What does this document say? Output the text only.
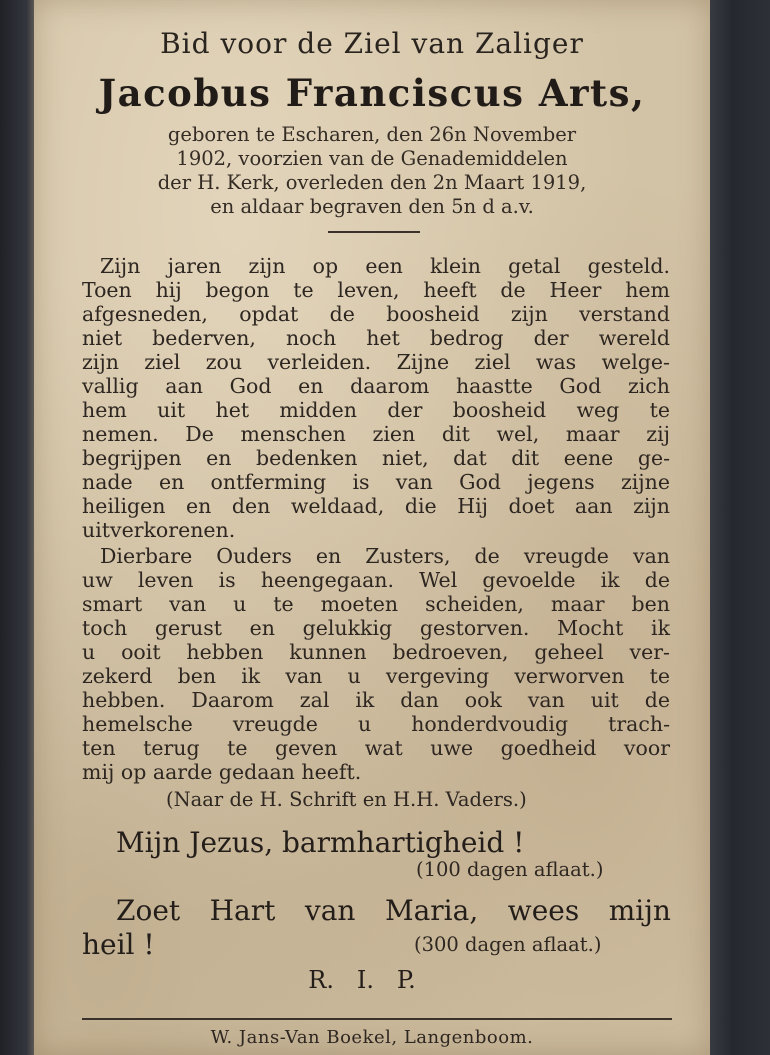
Bid voor de Ziel van Zaliger

Jacobus Franciscus Arts,

geboren te Escharen, den 26n November

1902, voorzien van de Genademiddelen

der H. Kerk, overleden den 2n Maart 1919,

en aldaar begraven den 5n d a.v.

Zijn jaren zijn op een klein getal gesteld.

Toen hij begon te leven, heeft de Heer hem

afgesneden, opdat de boosheid zijn verstand

niet bederven, noch het bedrog der wereld

zijn ziel zou verleiden. Zijne ziel was welge-

vallig aan God en daarom haastte God zich

hem uit het midden der boosheid weg te

nemen. De menschen zien dit wel, maar zij

begrijpen en bedenken niet, dat dit eene ge-

nade en ontferming is van God jegens zijne

heiligen en den weldaad, die Hij doet aan zijn

uitverkorenen.

Dierbare Ouders en Zusters, de vreugde van

uw leven is heengegaan. Wel gevoelde ik de

smart van u te moeten scheiden, maar ben

toch gerust en gelukkig gestorven. Mocht ik

u ooit hebben kunnen bedroeven, geheel ver-

zekerd ben ik van u vergeving verworven te

hebben. Daarom zal ik dan ook van uit de

hemelsche vreugde u honderdvoudig trach-

ten terug te geven wat uwe goedheid voor

mij op aarde gedaan heeft.

(Naar de H. Schrift en H.H. Vaders.)

Mijn Jezus, barmhartigheid !

(100 dagen aflaat.)

Zoet Hart van Maria, wees mijn

heil !	(300 dagen aflaat.)

R.   I.   P.

W. Jans-Van Boekel, Langenboom.
